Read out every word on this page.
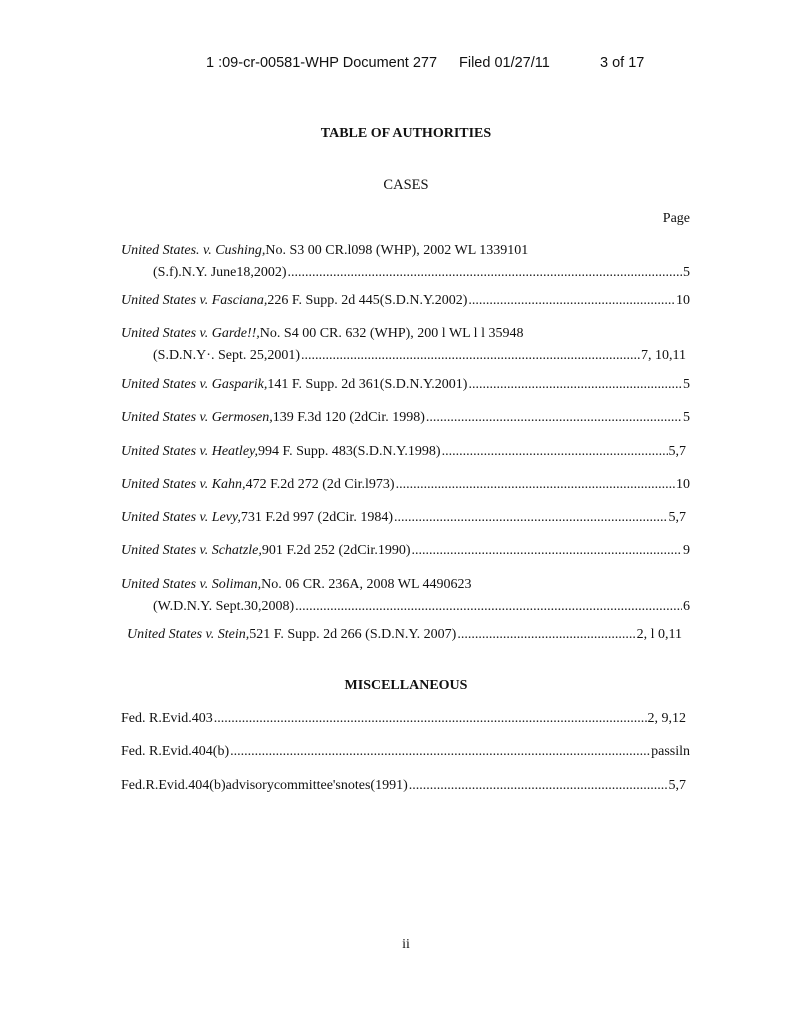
1 :09-cr-00581-WHP Document 277 Filed 01/27/11	3 of 17
TABLE OF AUTHORITIES
CASES
Page
United States. v. Cushing,No. S3 00 CR.l098 (WHP), 2002 WL 1339101
(S.f).N.Y. June18,2002) .....	5
United States v. Fasciana, 226 F. Supp. 2d 445(S.D.N.Y.2002) .....	10
United States v. Garde!!,No. S4 00 CR. 632 (WHP), 200 l WL l l 35948
(S.D.N.Y·. Sept. 25,2001) .....	7, 10,11
United States v. Gasparik, 141 F. Supp. 2d 361(S.D.N.Y.2001) .....	5
United States v. Germosen, 139 F.3d 120 (2dCir. 1998) .....	5
United States v. Heatley, 994 F. Supp. 483(S.D.N.Y.1998) .....	5,7
United States v. Kahn, 472 F.2d 272 (2d Cir.l973) .....	10
United States v. Levy, 731 F.2d 997 (2dCir. 1984) .....	5,7
United States v. Schatzle, 901 F.2d 252 (2dCir.1990) .....	9
United States v. Soliman,No. 06 CR. 236A, 2008 WL 4490623
(W.D.N.Y. Sept.30,2008) .....	6
United States v. Stein, 521 F. Supp. 2d 266 (S.D.N.Y. 2007) .....	2, l 0,11
MISCELLANEOUS
Fed. R.Evid.403 .....	2, 9,12
Fed. R.Evid.404(b) .....	passiln
Fed.R.Evid.404(b)advisorycommittee'snotes(1991) .....	5,7
ii
